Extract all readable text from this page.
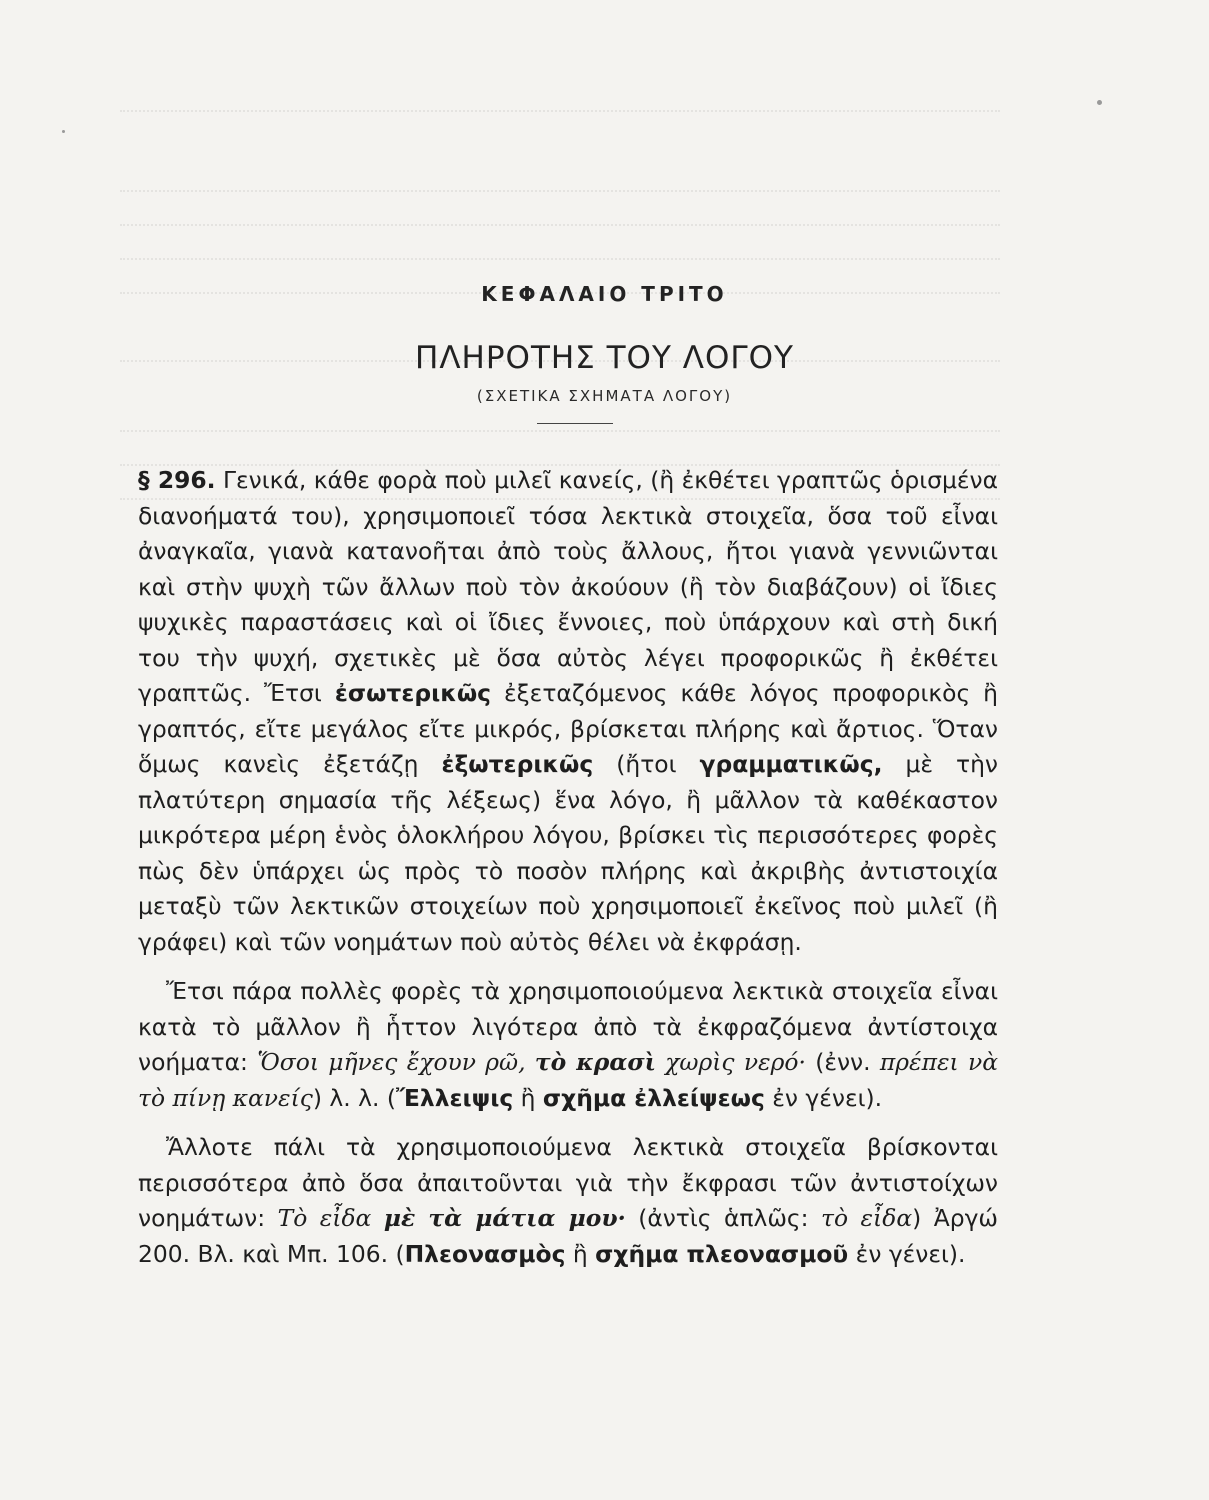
ΚΕΦΑΛΑΙΟ ΤΡΙΤΟ
ΠΛΗΡΟΤΗΣ ΤΟΥ ΛΟΓΟΥ
(ΣΧΕΤΙΚΑ ΣΧΗΜΑΤΑ ΛΟΓΟΥ)

§ 296. Γενικά, κάθε φορὰ ποὺ μιλεῖ κανείς, (ἢ ἐκθέτει γραπτῶς ὁρισμένα διανοήματά του), χρησιμοποιεῖ τόσα λεκτικὰ στοιχεῖα, ὅσα τοῦ εἶναι ἀναγκαῖα, γιανὰ κατανοῆται ἀπὸ τοὺς ἄλλους, ἤτοι γιανὰ γεννιῶνται καὶ στὴν ψυχὴ τῶν ἄλλων ποὺ τὸν ἀκούουν (ἢ τὸν διαβάζουν) οἱ ἴδιες ψυχικὲς παραστάσεις καὶ οἱ ἴδιες ἔννοιες, ποὺ ὑπάρχουν καὶ στὴ δική του τὴν ψυχή, σχετικὲς μὲ ὅσα αὐτὸς λέγει προφορικῶς ἢ ἐκθέτει γραπτῶς. Ἔτσι ἐσωτερικῶς ἐξεταζόμενος κάθε λόγος προφορικὸς ἢ γραπτός, εἴτε μεγάλος εἴτε μικρός, βρίσκεται πλήρης καὶ ἄρτιος. Ὅταν ὅμως κανεὶς ἐξετάζῃ ἐξωτερικῶς (ἤτοι γραμματικῶς, μὲ τὴν πλατύτερη σημασία τῆς λέξεως) ἕνα λόγο, ἢ μᾶλλον τὰ καθέκαστον μικρότερα μέρη ἑνὸς ὁλοκλήρου λόγου, βρίσκει τὶς περισσότερες φορὲς πὼς δὲν ὑπάρχει ὡς πρὸς τὸ ποσὸν πλήρης καὶ ἀκριβὴς ἀντιστοιχία μεταξὺ τῶν λεκτικῶν στοιχείων ποὺ χρησιμοποιεῖ ἐκεῖνος ποὺ μιλεῖ (ἢ γράφει) καὶ τῶν νοημάτων ποὺ αὐτὸς θέλει νὰ ἐκφράσῃ.

Ἔτσι πάρα πολλὲς φορὲς τὰ χρησιμοποιούμενα λεκτικὰ στοιχεῖα εἶναι κατὰ τὸ μᾶλλον ἢ ἧττον λιγότερα ἀπὸ τὰ ἐκφραζόμενα ἀντίστοιχα νοήματα: Ὅσοι μῆνες ἔχουν ρῶ, τὸ κρασὶ χωρὶς νερό· (ἐνν. πρέπει νὰ τὸ πίνῃ κανείς) λ. λ. (Ἔλλειψις ἢ σχῆμα ἐλλείψεως ἐν γένει).

Ἄλλοτε πάλι τὰ χρησιμοποιούμενα λεκτικὰ στοιχεῖα βρίσκονται περισσότερα ἀπὸ ὅσα ἀπαιτοῦνται γιὰ τὴν ἔκφρασι τῶν ἀντιστοίχων νοημάτων: Τὸ εἶδα μὲ τὰ μάτια μου· (ἀντὶς ἁπλῶς: τὸ εἶδα) Ἀργώ 200. Βλ. καὶ Μπ. 106. (Πλεονασμὸς ἢ σχῆμα πλεονασμοῦ ἐν γένει).
